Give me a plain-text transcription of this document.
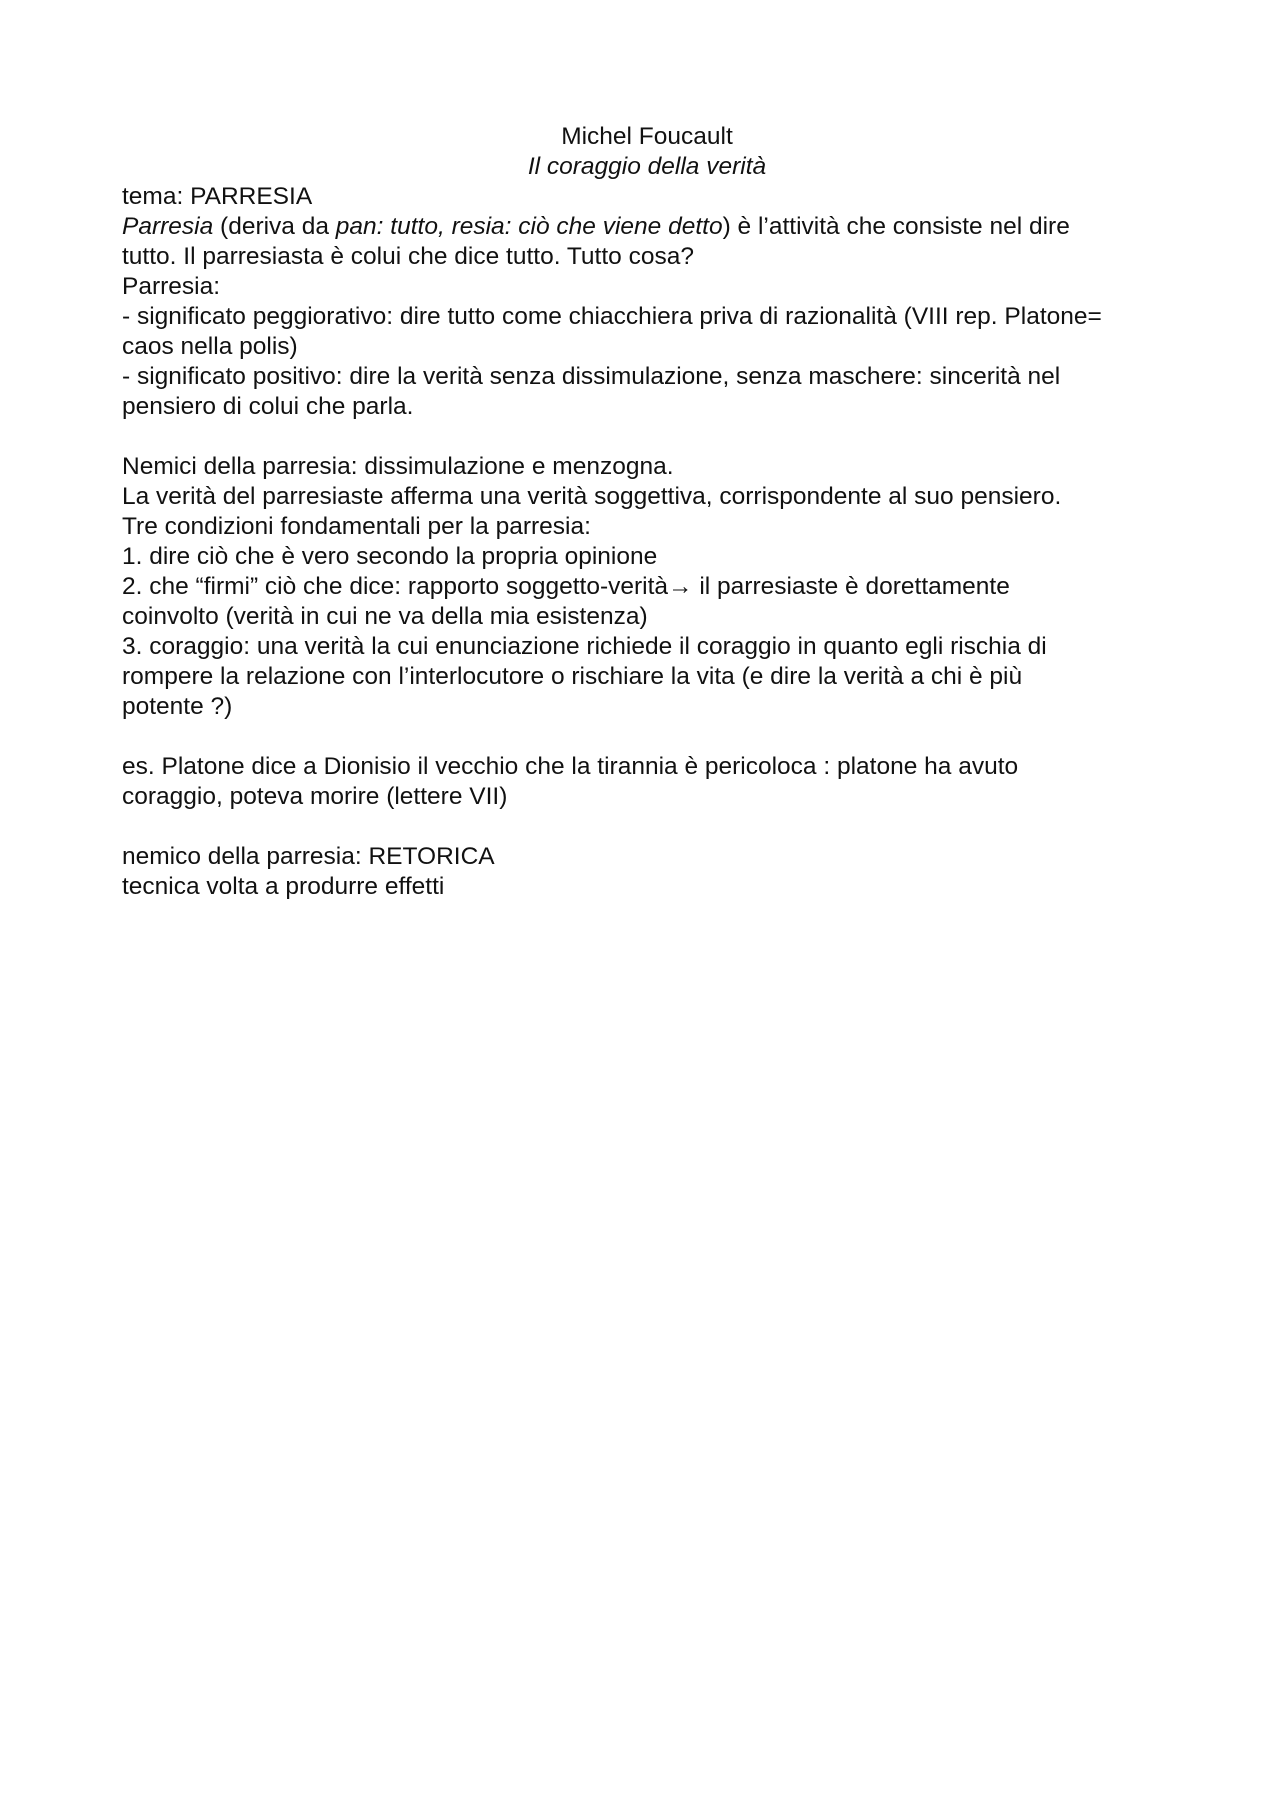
Michel Foucault
Il coraggio della verità
tema: PARRESIA
Parresia (deriva da pan: tutto, resia: ciò che viene detto) è l’attività che consiste nel dire
tutto. Il parresiasta è colui che dice tutto. Tutto cosa?
Parresia:
- significato peggiorativo: dire tutto come chiacchiera priva di razionalità (VIII rep. Platone=
caos nella polis)
- significato positivo: dire la verità senza dissimulazione, senza maschere: sincerità nel
pensiero di colui che parla.
Nemici della parresia: dissimulazione e menzogna.
La verità del parresiaste afferma una verità soggettiva, corrispondente al suo pensiero.
Tre condizioni fondamentali per la parresia:
1. dire ciò che è vero secondo la propria opinione
2. che “firmi” ciò che dice: rapporto soggetto-verità→ il parresiaste è dorettamente
coinvolto (verità in cui ne va della mia esistenza)
3. coraggio: una verità la cui enunciazione richiede il coraggio in quanto egli rischia di
rompere la relazione con l’interlocutore o rischiare la vita (e dire la verità a chi è più
potente ?)
es. Platone dice a Dionisio il vecchio che la tirannia è pericoloca : platone ha avuto
coraggio, poteva morire (lettere VII)
nemico della parresia: RETORICA
tecnica volta a produrre effetti
